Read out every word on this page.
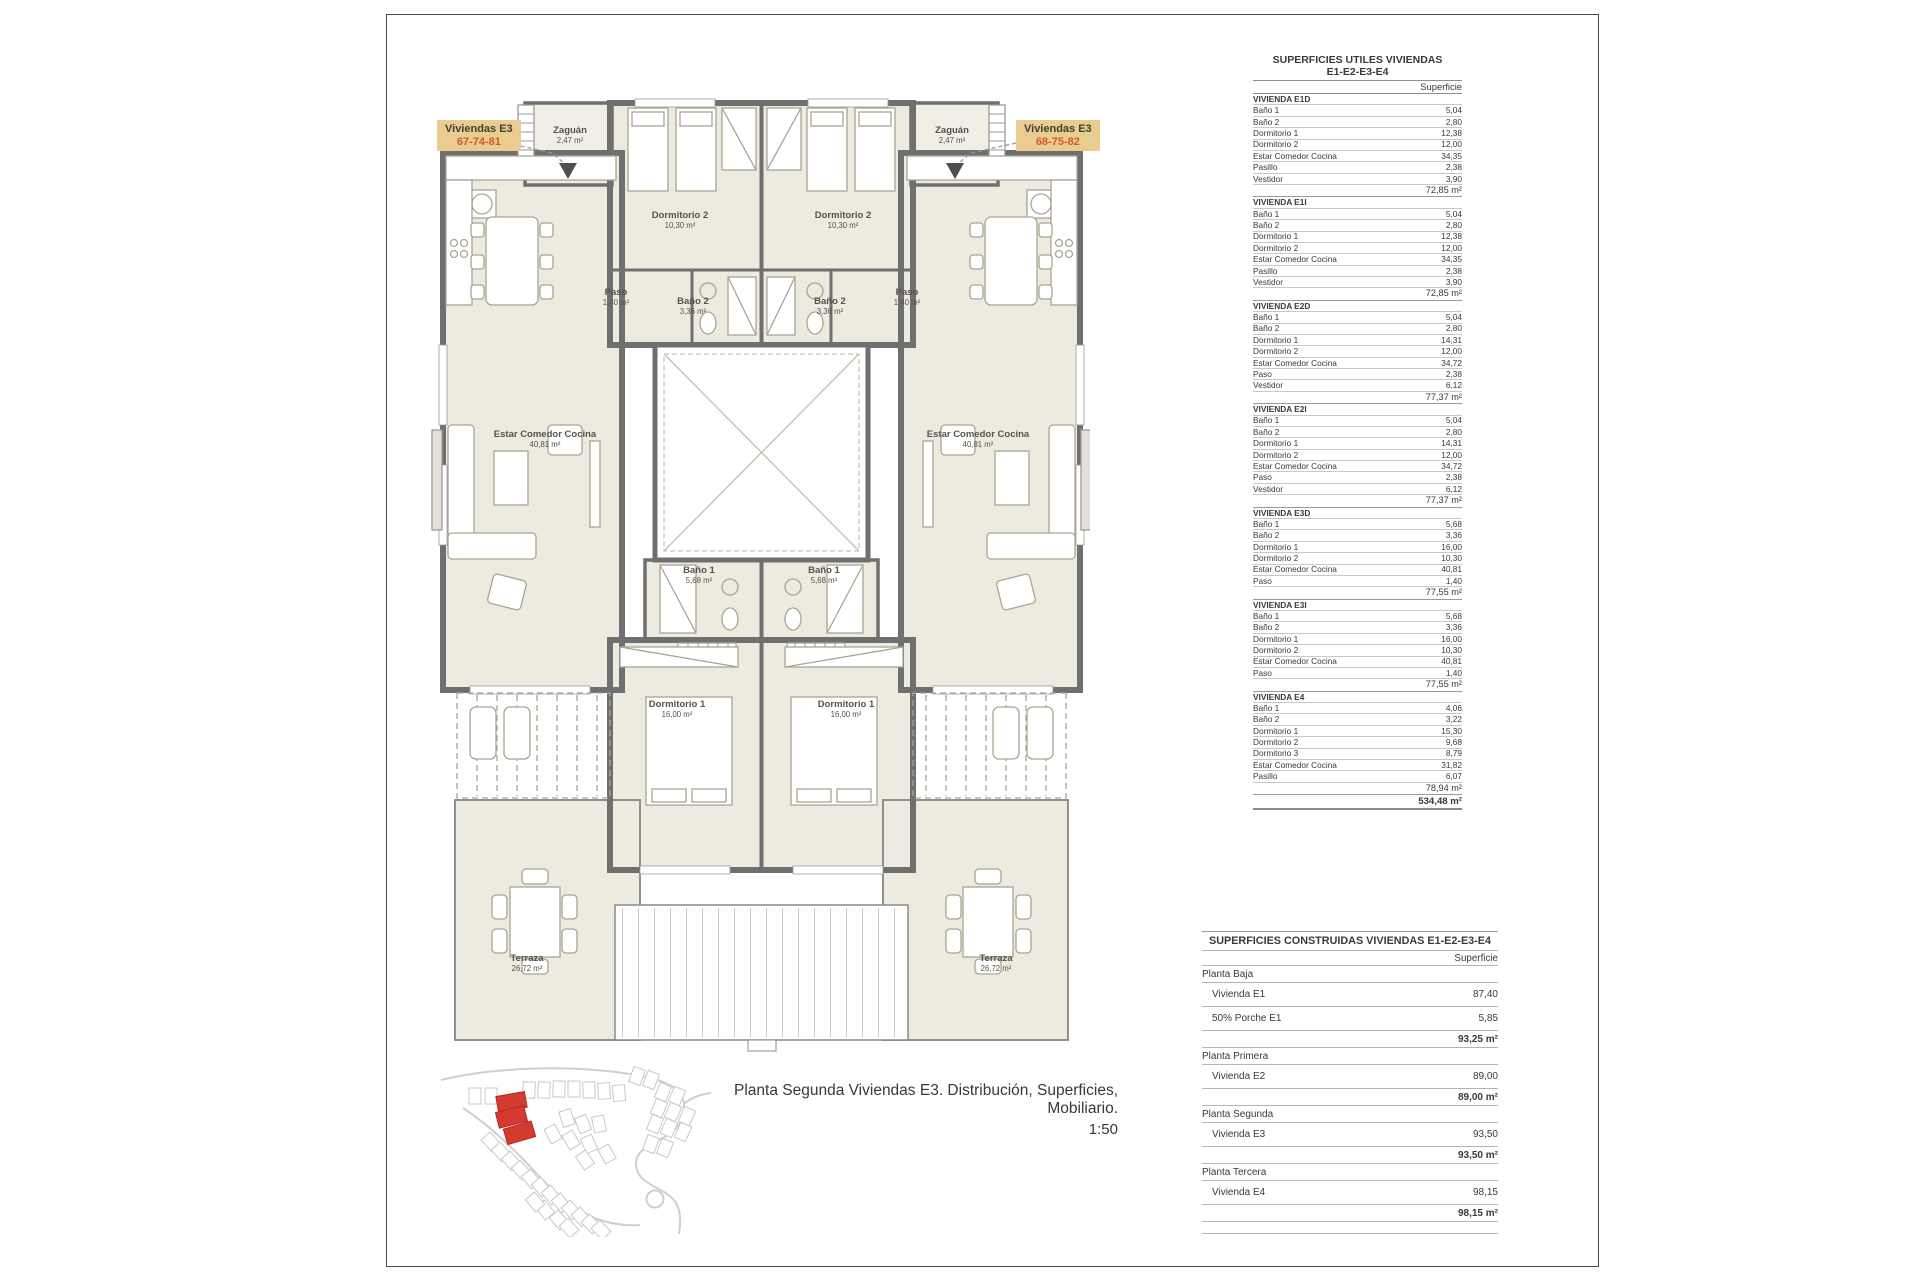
Viviendas E3
67-74-81
Viviendas E3
68-75-82
Zaguán
2,47 m²
Zaguán
2,47 m²
Dormitorio 2
10,30 m²
Dormitorio 2
10,30 m²
Paso
1,40 m²
Paso
1,40 m²
Baño 2
3,36 m²
Baño 2
3,36 m²
Estar Comedor Cocina
40,81 m²
Estar Comedor Cocina
40,81 m²
Baño 1
5,68 m²
Baño 1
5,68 m²
Dormitorio 1
16,00 m²
Dormitorio 1
16,00 m²
Terraza
26,72 m²
Terraza
26,72 m²
Planta Segunda Viviendas E3. Distribución, Superficies, Mobiliario.
1:50
SUPERFICIES UTILES VIVIENDAS
E1-E2-E3-E4
Superficie
VIVIENDA E1D
Baño 1	5,04
Baño 2	2,80
Dormitorio 1	12,38
Dormitorio 2	12,00
Estar Comedor Cocina	34,35
Pasillo	2,38
Vestidor	3,90
72,85 m²
VIVIENDA E1I
Baño 1	5,04
Baño 2	2,80
Dormitorio 1	12,38
Dormitorio 2	12,00
Estar Comedor Cocina	34,35
Pasillo	2,38
Vestidor	3,90
72,85 m²
VIVIENDA E2D
Baño 1	5,04
Baño 2	2,80
Dormitorio 1	14,31
Dormitorio 2	12,00
Estar Comedor Cocina	34,72
Paso	2,38
Vestidor	6,12
77,37 m²
VIVIENDA E2I
Baño 1	5,04
Baño 2	2,80
Dormitorio 1	14,31
Dormitorio 2	12,00
Estar Comedor Cocina	34,72
Paso	2,38
Vestidor	6,12
77,37 m²
VIVIENDA E3D
Baño 1	5,68
Baño 2	3,36
Dormitorio 1	16,00
Dormitorio 2	10,30
Estar Comedor Cocina	40,81
Paso	1,40
77,55 m²
VIVIENDA E3I
Baño 1	5,68
Baño 2	3,36
Dormitorio 1	16,00
Dormitorio 2	10,30
Estar Comedor Cocina	40,81
Paso	1,40
77,55 m²
VIVIENDA E4
Baño 1	4,06
Baño 2	3,22
Dormitorio 1	15,30
Dormitorio 2	9,68
Dormitorio 3	8,79
Estar Comedor Cocina	31,82
Pasillo	6,07
78,94 m²
534,48 m²
SUPERFICIES CONSTRUIDAS VIVIENDAS E1-E2-E3-E4
Superficie
Planta Baja
Vivienda E1	87,40
50% Porche E1	5,85
93,25 m²
Planta Primera
Vivienda E2	89,00
89,00 m²
Planta Segunda
Vivienda E3	93,50
93,50 m²
Planta Tercera
Vivienda E4	98,15
98,15 m²
